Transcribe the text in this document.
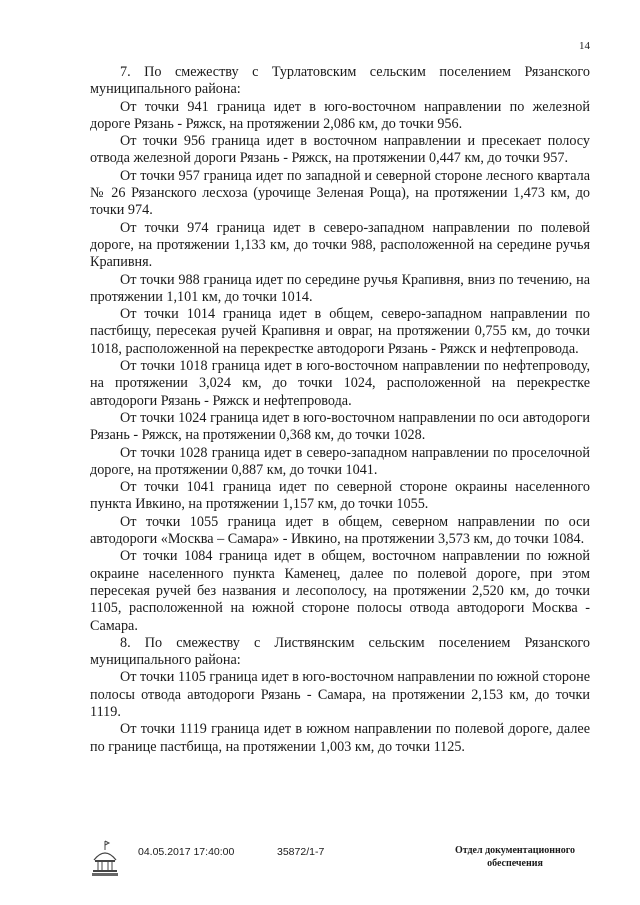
14

7. По смежеству с Турлатовским сельским поселением Рязанского муниципального района:

От точки 941 граница идет в юго-восточном направлении по железной дороге Рязань - Ряжск, на протяжении 2,086 км, до точки 956.

От точки 956 граница идет в восточном направлении и пресекает полосу отвода железной дороги Рязань - Ряжск, на протяжении 0,447 км, до точки 957.

От точки 957 граница идет по западной и северной стороне лесного квартала № 26 Рязанского лесхоза (урочище Зеленая Роща), на протяжении 1,473 км, до точки 974.

От точки 974 граница идет в северо-западном направлении по полевой дороге, на протяжении 1,133 км, до точки 988, расположенной на середине ручья Крапивня.

От точки 988 граница идет по середине ручья Крапивня, вниз по течению, на протяжении 1,101 км, до точки 1014.

От точки 1014 граница идет в общем, северо-западном направлении по пастбищу, пересекая ручей Крапивня и овраг, на протяжении 0,755 км, до точки 1018, расположенной на перекрестке автодороги Рязань - Ряжск и нефтепровода.

От точки 1018 граница идет в юго-восточном направлении по нефтепроводу, на протяжении 3,024 км, до точки 1024, расположенной на перекрестке автодороги Рязань - Ряжск и нефтепровода.

От точки 1024 граница идет в юго-восточном направлении по оси автодороги Рязань - Ряжск, на протяжении 0,368 км, до точки 1028.

От точки 1028 граница идет в северо-западном направлении по проселочной дороге, на протяжении 0,887 км, до точки 1041.

От точки 1041 граница идет по северной стороне окраины населенного пункта Ивкино, на протяжении 1,157 км, до точки 1055.

От точки 1055 граница идет в общем, северном направлении по оси автодороги «Москва – Самара» - Ивкино, на протяжении 3,573 км, до точки 1084.

От точки 1084 граница идет в общем, восточном направлении по южной окраине населенного пункта Каменец, далее по полевой дороге, при этом пересекая ручей без названия и лесополосу, на протяжении 2,520 км, до точки 1105, расположенной на южной стороне полосы отвода автодороги Москва - Самара.

8. По смежеству с Листвянским сельским поселением Рязанского муниципального района:

От точки 1105 граница идет в юго-восточном направлении по южной стороне полосы отвода автодороги Рязань - Самара, на протяжении 2,153 км, до точки 1119.

От точки 1119 граница идет в южном направлении по полевой дороге, далее по границе пастбища, на протяжении 1,003 км, до точки 1125.

04.05.2017 17:40:00	35872/1-7	Отдел документационного
обеспечения
